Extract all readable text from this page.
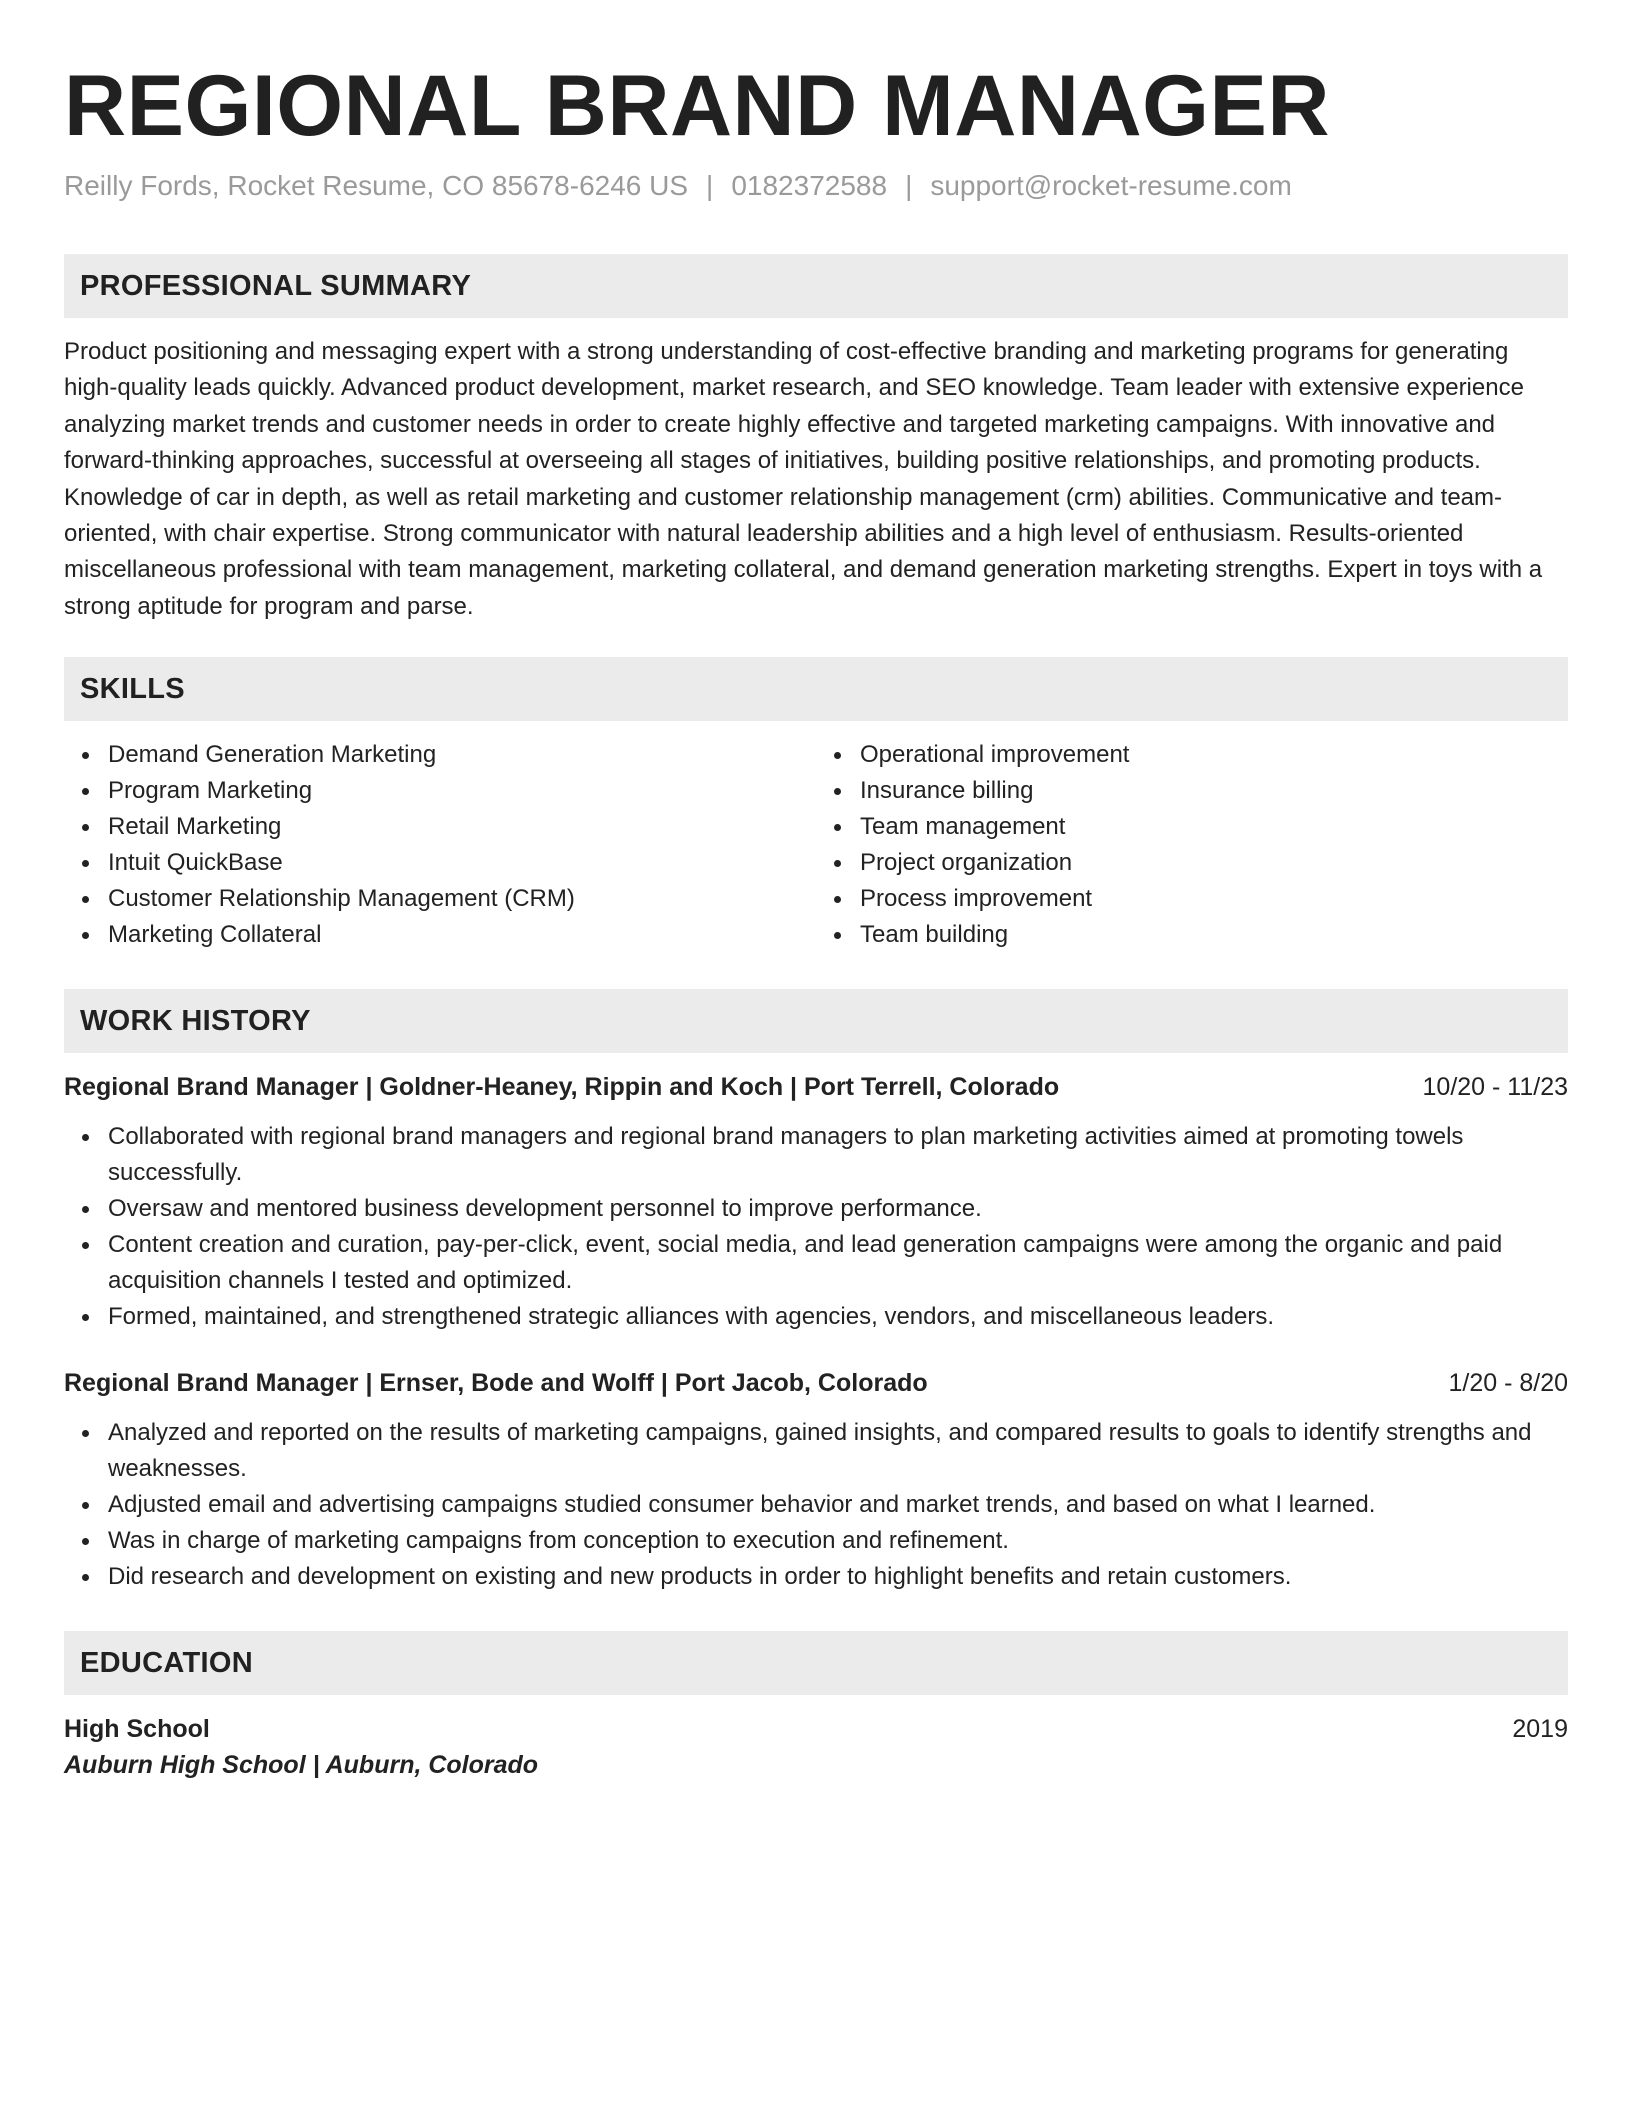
REGIONAL BRAND MANAGER
Reilly Fords, Rocket Resume, CO 85678-6246 US | 0182372588 | support@rocket-resume.com
PROFESSIONAL SUMMARY
Product positioning and messaging expert with a strong understanding of cost-effective branding and marketing programs for generating high-quality leads quickly. Advanced product development, market research, and SEO knowledge. Team leader with extensive experience analyzing market trends and customer needs in order to create highly effective and targeted marketing campaigns. With innovative and forward-thinking approaches, successful at overseeing all stages of initiatives, building positive relationships, and promoting products. Knowledge of car in depth, as well as retail marketing and customer relationship management (crm) abilities. Communicative and team-oriented, with chair expertise. Strong communicator with natural leadership abilities and a high level of enthusiasm. Results-oriented miscellaneous professional with team management, marketing collateral, and demand generation marketing strengths. Expert in toys with a strong aptitude for program and parse.
SKILLS
Demand Generation Marketing
Program Marketing
Retail Marketing
Intuit QuickBase
Customer Relationship Management (CRM)
Marketing Collateral
Operational improvement
Insurance billing
Team management
Project organization
Process improvement
Team building
WORK HISTORY
Regional Brand Manager | Goldner-Heaney, Rippin and Koch | Port Terrell, Colorado	10/20 - 11/23
Collaborated with regional brand managers and regional brand managers to plan marketing activities aimed at promoting towels successfully.
Oversaw and mentored business development personnel to improve performance.
Content creation and curation, pay-per-click, event, social media, and lead generation campaigns were among the organic and paid acquisition channels I tested and optimized.
Formed, maintained, and strengthened strategic alliances with agencies, vendors, and miscellaneous leaders.
Regional Brand Manager | Ernser, Bode and Wolff | Port Jacob, Colorado	1/20 - 8/20
Analyzed and reported on the results of marketing campaigns, gained insights, and compared results to goals to identify strengths and weaknesses.
Adjusted email and advertising campaigns studied consumer behavior and market trends, and based on what I learned.
Was in charge of marketing campaigns from conception to execution and refinement.
Did research and development on existing and new products in order to highlight benefits and retain customers.
EDUCATION
High School	2019
Auburn High School | Auburn, Colorado
